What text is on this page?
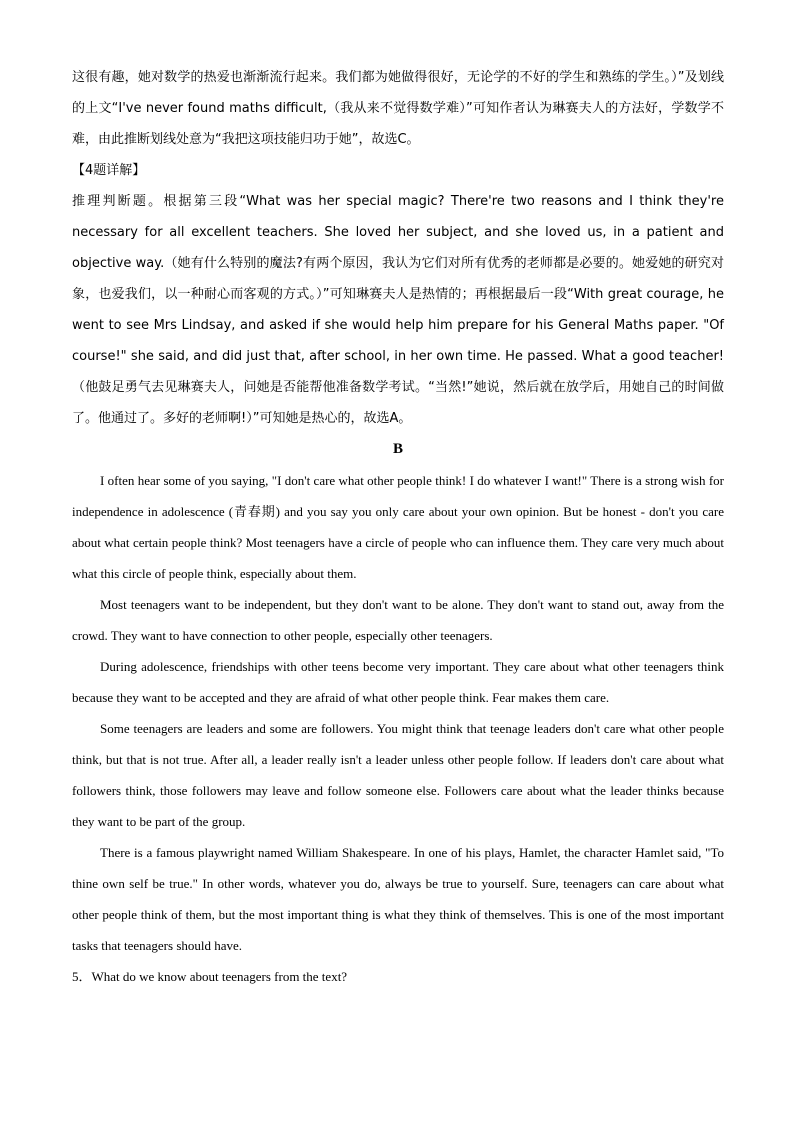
这很有趣，她对数学的热爱也渐渐流行起来。我们都为她做得很好，无论学的不好的学生和熟练的学生。）”及划线的上文“I've never found maths difficult,（我从来不觉得数学难）”可知作者认为琳赛夫人的方法好，学数学不难，由此推断划线处意为“我把这项技能归功于她”，故选C。

【4题详解】

推理判断题。根据第三段“What was her special magic? There're two reasons and I think they're necessary for all excellent teachers. She loved her subject, and she loved us, in a patient and objective way.（她有什么特别的魔法?有两个原因，我认为它们对所有优秀的老师都是必要的。她爱她的研究对象，也爱我们，以一种耐心而客观的方式。）”可知琳赛夫人是热情的；再根据最后一段“With great courage, he went to see Mrs Lindsay, and asked if she would help him prepare for his General Maths paper. "Of course!" she said, and did just that, after school, in her own time. He passed. What a good teacher! （他鼓足勇气去见琳赛夫人，问她是否能帮他准备数学考试。“当然!”她说，然后就在放学后，用她自己的时间做了。他通过了。多好的老师啊!）”可知她是热心的，故选A。

B

I often hear some of you saying, "I don't care what other people think! I do whatever I want!" There is a strong wish for independence in adolescence (青春期) and you say you only care about your own opinion. But be honest - don't you care about what certain people think? Most teenagers have a circle of people who can influence them. They care very much about what this circle of people think, especially about them.

Most teenagers want to be independent, but they don't want to be alone. They don't want to stand out, away from the crowd. They want to have connection to other people, especially other teenagers.

During adolescence, friendships with other teens become very important. They care about what other teenagers think because they want to be accepted and they are afraid of what other people think. Fear makes them care.

Some teenagers are leaders and some are followers. You might think that teenage leaders don't care what other people think, but that is not true. After all, a leader really isn't a leader unless other people follow. If leaders don't care about what followers think, those followers may leave and follow someone else. Followers care about what the leader thinks because they want to be part of the group.

There is a famous playwright named William Shakespeare. In one of his plays, Hamlet, the character Hamlet said, "To thine own self be true." In other words, whatever you do, always be true to yourself. Sure, teenagers can care about what other people think of them, but the most important thing is what they think of themselves. This is one of the most important tasks that teenagers should have.

5．What do we know about teenagers from the text?
